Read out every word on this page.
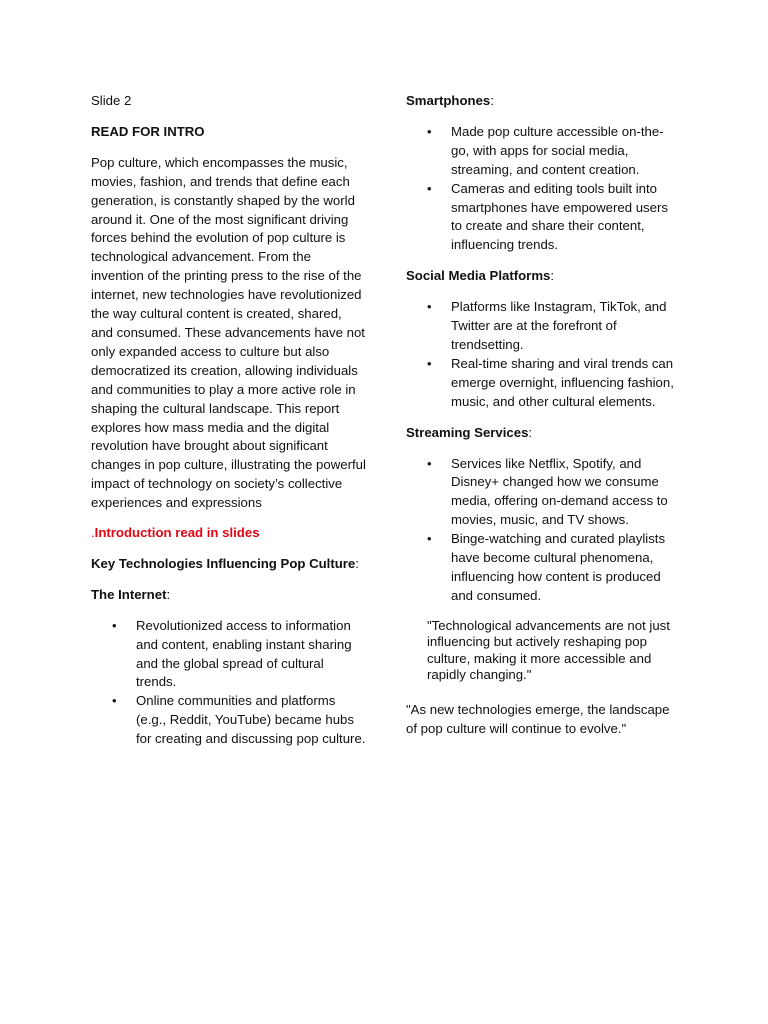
Slide 2

READ FOR INTRO

Pop culture, which encompasses the music, movies, fashion, and trends that define each generation, is constantly shaped by the world around it. One of the most significant driving forces behind the evolution of pop culture is technological advancement. From the invention of the printing press to the rise of the internet, new technologies have revolutionized the way cultural content is created, shared, and consumed. These advancements have not only expanded access to culture but also democratized its creation, allowing individuals and communities to play a more active role in shaping the cultural landscape. This report explores how mass media and the digital revolution have brought about significant changes in pop culture, illustrating the powerful impact of technology on society’s collective experiences and expressions

.Introduction read in slides

Key Technologies Influencing Pop Culture:

The Internet:

• Revolutionized access to information and content, enabling instant sharing and the global spread of cultural trends.
• Online communities and platforms (e.g., Reddit, YouTube) became hubs for creating and discussing pop culture.

Smartphones:

• Made pop culture accessible on-the-go, with apps for social media, streaming, and content creation.
• Cameras and editing tools built into smartphones have empowered users to create and share their content, influencing trends.

Social Media Platforms:

• Platforms like Instagram, TikTok, and Twitter are at the forefront of trendsetting.
• Real-time sharing and viral trends can emerge overnight, influencing fashion, music, and other cultural elements.

Streaming Services:

• Services like Netflix, Spotify, and Disney+ changed how we consume media, offering on-demand access to movies, music, and TV shows.
• Binge-watching and curated playlists have become cultural phenomena, influencing how content is produced and consumed.

"Technological advancements are not just influencing but actively reshaping pop culture, making it more accessible and rapidly changing."

"As new technologies emerge, the landscape of pop culture will continue to evolve."
